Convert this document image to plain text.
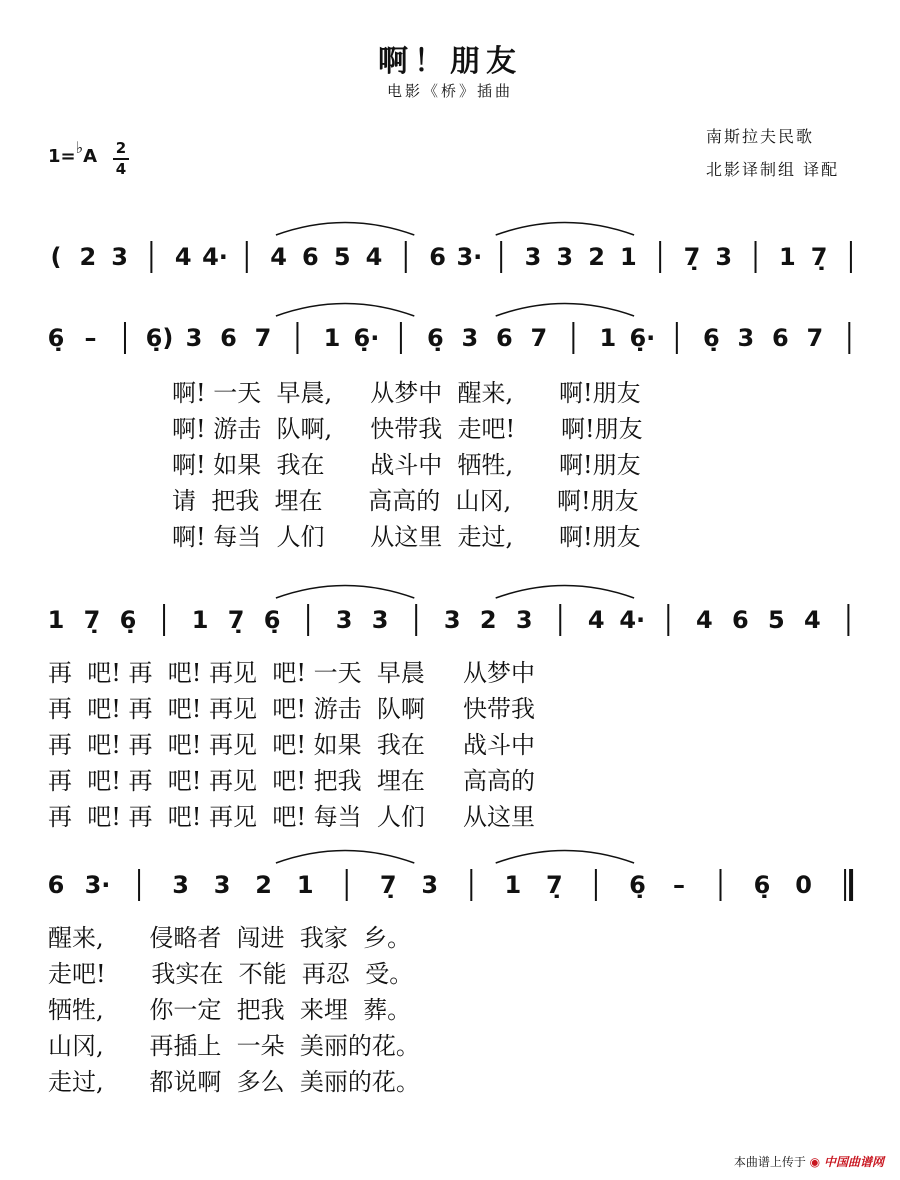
啊！朋友
电影《桥》插曲
南斯拉夫民歌
北影译制组 译配
1=♭A 2
4
( 2 3 4 4· 4 6 5 4 6 3· 3 3 2 1 7̣ 3 1 7̣
6̣ – 6̣) 3 6 7 1 6̣· 6̣ 3 6 7 1 6̣· 6̣ 3 6 7
1 7̣ 6̣ 1 7̣ 6̣ 3 3 3 2 3 4 4· 4 6 5 4
6 3·	3 3 2 1	7̣ 3	1 7̣	6̣ –	6̣ 0
啊! 一天  早晨,     从梦中  醒来,      啊!朋友
啊! 游击  队啊,     快带我  走吧!      啊!朋友
啊! 如果  我在      战斗中  牺牲,      啊!朋友
请  把我  埋在      高高的  山冈,      啊!朋友
啊! 每当  人们      从这里  走过,      啊!朋友
再  吧! 再  吧! 再见  吧! 一天  早晨     从梦中
再  吧! 再  吧! 再见  吧! 游击  队啊     快带我
再  吧! 再  吧! 再见  吧! 如果  我在     战斗中
再  吧! 再  吧! 再见  吧! 把我  埋在     高高的
再  吧! 再  吧! 再见  吧! 每当  人们     从这里
醒来,      侵略者  闯进  我家  乡。
走吧!      我实在  不能  再忍  受。
牺牲,      你一定  把我  来埋  葬。
山冈,      再插上  一朵  美丽的花。
走过,      都说啊  多么  美丽的花。
本曲谱上传于 ◉ 中国曲谱网
